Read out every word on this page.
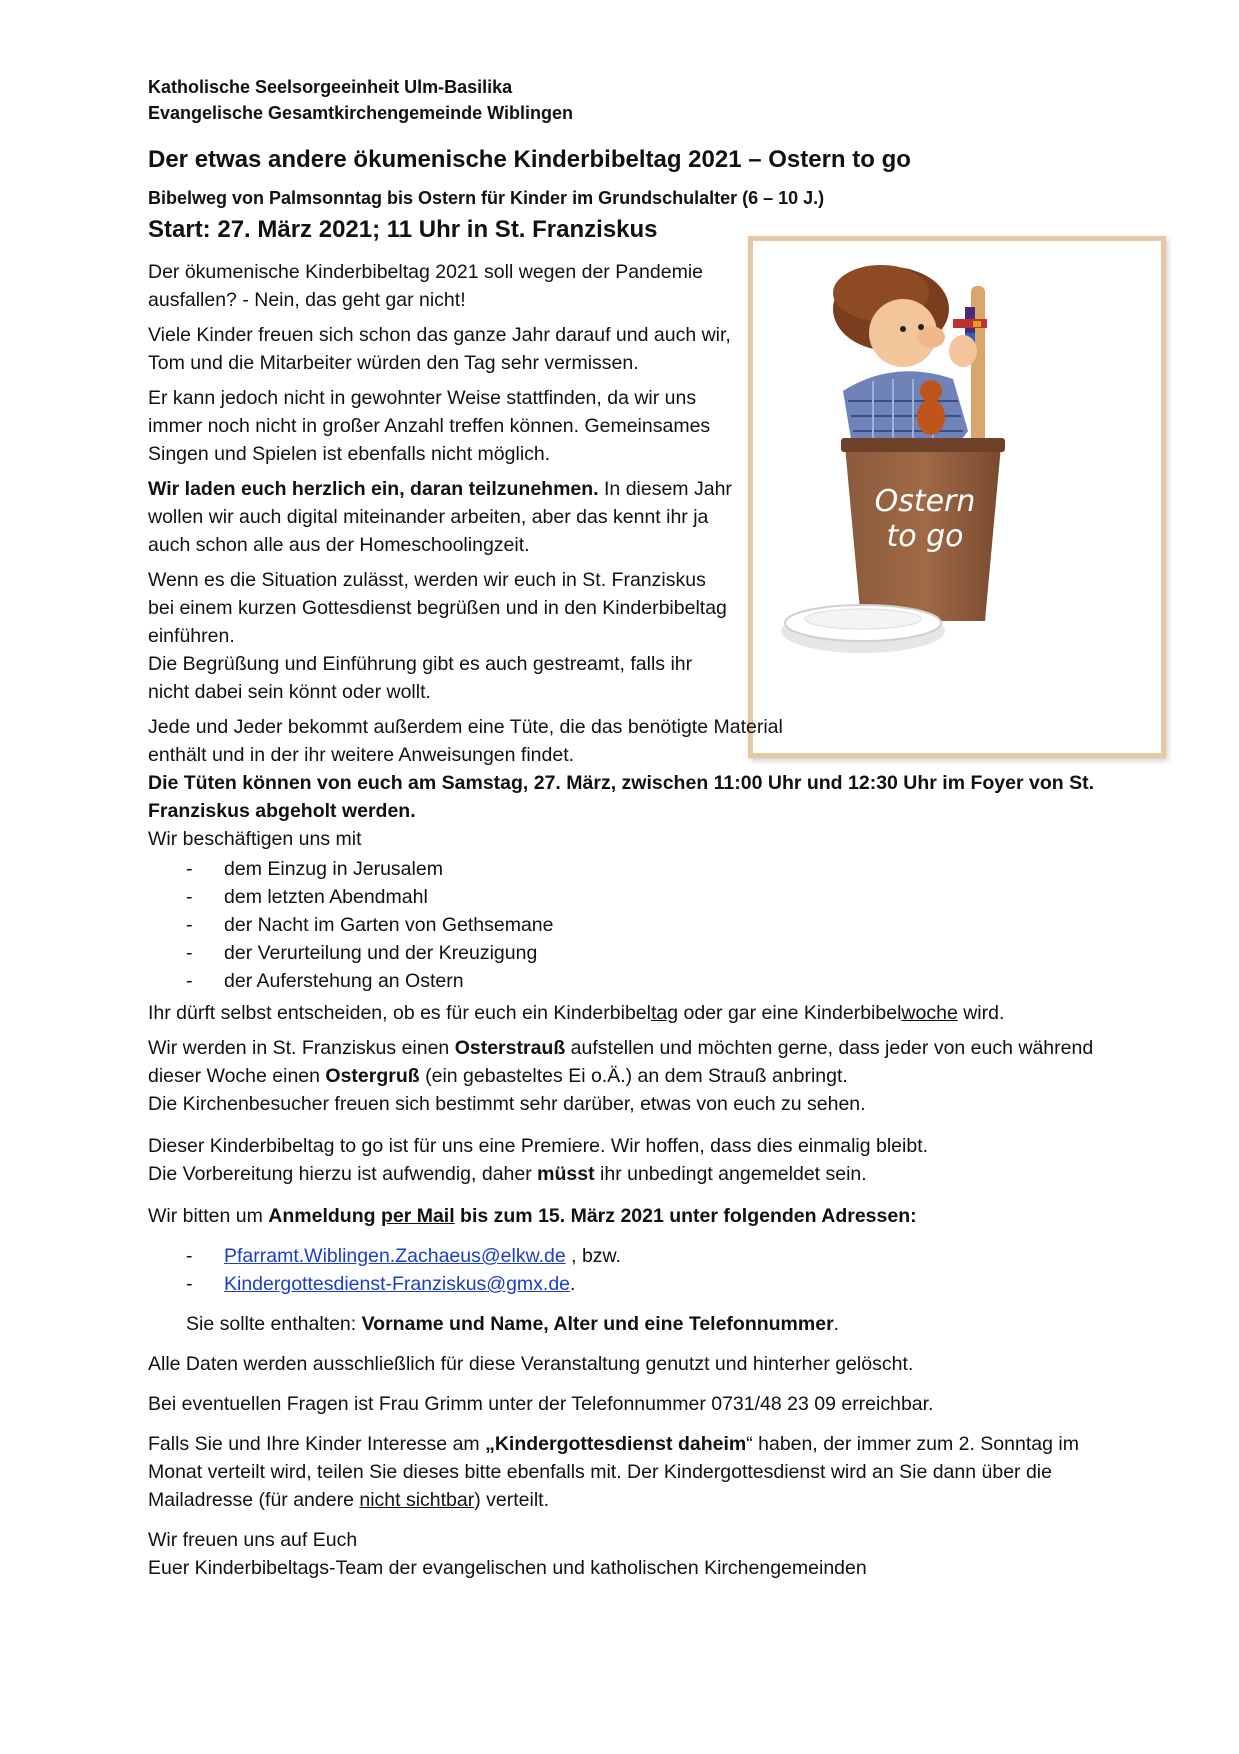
Ostern
to go

Katholische Seelsorgeeinheit Ulm-Basilika

Evangelische Gesamtkirchengemeinde Wiblingen

Der etwas andere ökumenische Kinderbibeltag 2021 – Ostern to go

Bibelweg von Palmsonntag bis Ostern für Kinder im Grundschulalter (6 – 10 J.)

Start: 27. März 2021; 11 Uhr in St. Franziskus

Der ökumenische Kinderbibeltag 2021 soll wegen der Pandemie ausfallen? - Nein, das geht gar nicht!

Viele Kinder freuen sich schon das ganze Jahr darauf und auch wir, Tom und die Mitarbeiter würden den Tag sehr vermissen.

Er kann jedoch nicht in gewohnter Weise stattfinden, da wir uns immer noch nicht in großer Anzahl treffen können. Gemeinsames Singen und Spielen ist ebenfalls nicht möglich.

Wir laden euch herzlich ein, daran teilzunehmen. In diesem Jahr wollen wir auch digital miteinander arbeiten, aber das kennt ihr ja auch schon alle aus der Homeschoolingzeit.

Wenn es die Situation zulässt, werden wir euch in St. Franziskus bei einem kurzen Gottesdienst begrüßen und in den Kinderbibeltag einführen.

Die Begrüßung und Einführung gibt es auch gestreamt, falls ihr nicht dabei sein könnt oder wollt.

Jede und Jeder bekommt außerdem eine Tüte, die das benötigte Material enthält und in der ihr weitere Anweisungen findet.

Die Tüten können von euch am Samstag, 27. März, zwischen 11:00 Uhr und 12:30 Uhr im Foyer von St. Franziskus abgeholt werden.

Wir beschäftigen uns mit

- dem Einzug in Jerusalem
- dem letzten Abendmahl
- der Nacht im Garten von Gethsemane
- der Verurteilung und der Kreuzigung
- der Auferstehung an Ostern

Ihr dürft selbst entscheiden, ob es für euch ein Kinderbibeltag oder gar eine Kinderbibelwoche wird.

Wir werden in St. Franziskus einen Osterstrauß aufstellen und möchten gerne, dass jeder von euch während dieser Woche einen Ostergruß (ein gebasteltes Ei o.Ä.) an dem Strauß anbringt.

Die Kirchenbesucher freuen sich bestimmt sehr darüber, etwas von euch zu sehen.

Dieser Kinderbibeltag to go ist für uns eine Premiere. Wir hoffen, dass dies einmalig bleibt.

Die Vorbereitung hierzu ist aufwendig, daher müsst ihr unbedingt angemeldet sein.

Wir bitten um Anmeldung per Mail bis zum 15. März 2021 unter folgenden Adressen:

- Pfarramt.Wiblingen.Zachaeus@elkw.de , bzw.
- Kindergottesdienst-Franziskus@gmx.de.

Sie sollte enthalten: Vorname und Name, Alter und eine Telefonnummer.

Alle Daten werden ausschließlich für diese Veranstaltung genutzt und hinterher gelöscht.

Bei eventuellen Fragen ist Frau Grimm unter der Telefonnummer 0731/48 23 09 erreichbar.

Falls Sie und Ihre Kinder Interesse am „Kindergottesdienst daheim“ haben, der immer zum 2. Sonntag im Monat verteilt wird, teilen Sie dieses bitte ebenfalls mit. Der Kindergottesdienst wird an Sie dann über die Mailadresse (für andere nicht sichtbar) verteilt.

Wir freuen uns auf Euch

Euer Kinderbibeltags-Team der evangelischen und katholischen Kirchengemeinden
